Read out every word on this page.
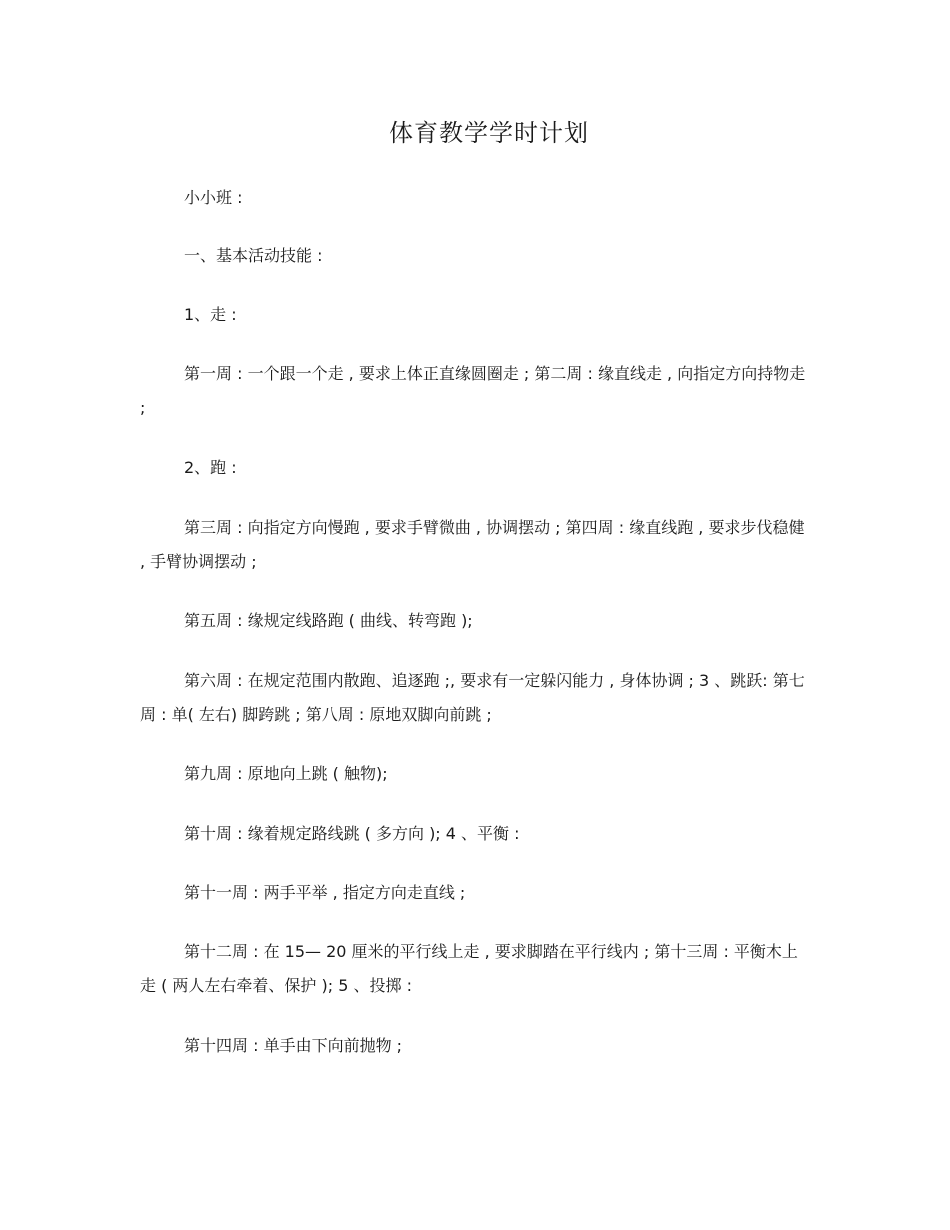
体育教学学时计划

小小班 :

一、基本活动技能 :

1、走 :

第一周 : 一个跟一个走 , 要求上体正直缘圆圈走 ; 第二周 : 缘直线走 , 向指定方向持物走 ;

2、跑 :

第三周 : 向指定方向慢跑 , 要求手臂微曲 , 协调摆动 ; 第四周 : 缘直线跑 , 要求步伐稳健 , 手臂协调摆动 ;

第五周 : 缘规定线路跑 ( 曲线、转弯跑 );

第六周 : 在规定范围内散跑、追逐跑 ;, 要求有一定躲闪能力 , 身体协调 ; 3 、跳跃: 第七周 : 单( 左右) 脚跨跳 ; 第八周 : 原地双脚向前跳 ;

第九周 : 原地向上跳 ( 触物);

第十周 : 缘着规定路线跳 ( 多方向 ); 4 、平衡 :

第十一周 : 两手平举 , 指定方向走直线 ;

第十二周 : 在 15— 20 厘米的平行线上走 , 要求脚踏在平行线内 ; 第十三周 : 平衡木上走 ( 两人左右牵着、保护 ); 5 、投掷 :

第十四周 : 单手由下向前抛物 ;
